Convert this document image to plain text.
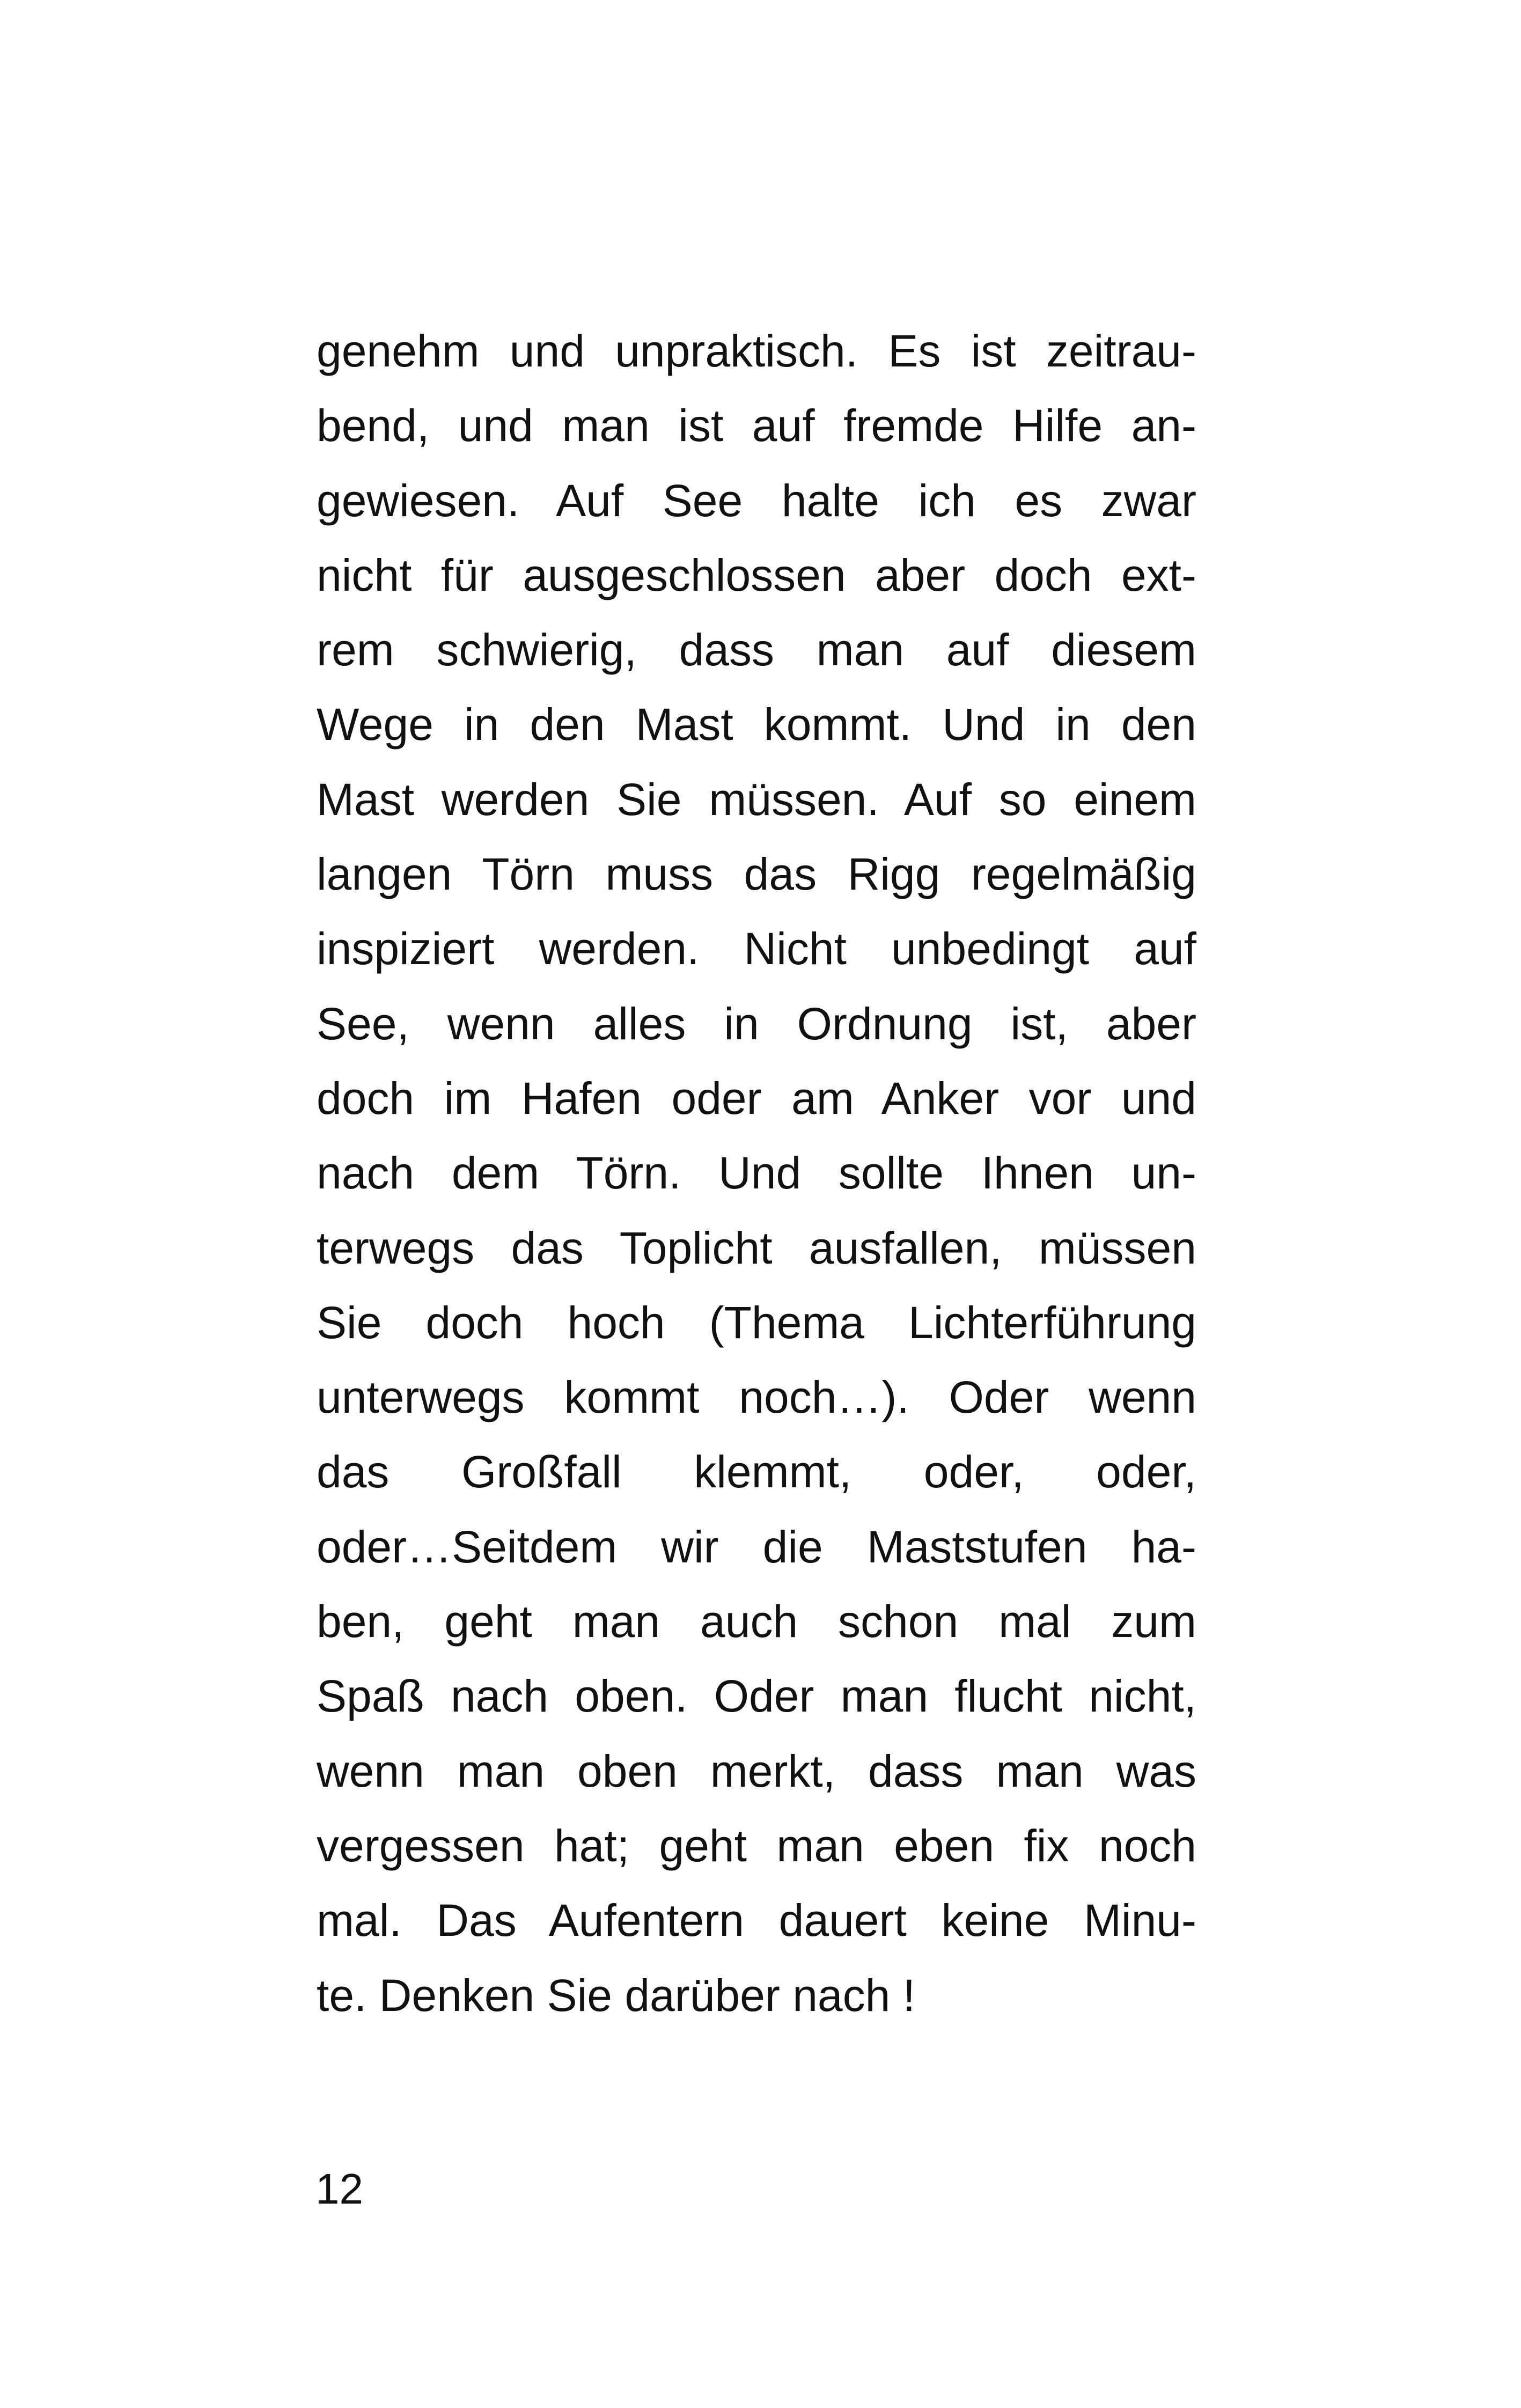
genehm und unpraktisch. Es ist zeitrau-
bend, und man ist auf fremde Hilfe an-
gewiesen. Auf See halte ich es zwar
nicht für ausgeschlossen aber doch ext-
rem schwierig, dass man auf diesem
Wege in den Mast kommt. Und in den
Mast werden Sie müssen. Auf so einem
langen Törn muss das Rigg regelmäßig
inspiziert werden. Nicht unbedingt auf
See, wenn alles in Ordnung ist, aber
doch im Hafen oder am Anker vor und
nach dem Törn. Und sollte Ihnen un-
terwegs das Toplicht ausfallen, müssen
Sie doch hoch (Thema Lichterführung
unterwegs kommt noch…). Oder wenn
das Großfall klemmt, oder, oder,
oder…Seitdem wir die Maststufen ha-
ben, geht man auch schon mal zum
Spaß nach oben. Oder man flucht nicht,
wenn man oben merkt, dass man was
vergessen hat; geht man eben fix noch
mal. Das Aufentern dauert keine Minu-
te. Denken Sie darüber nach !
12
